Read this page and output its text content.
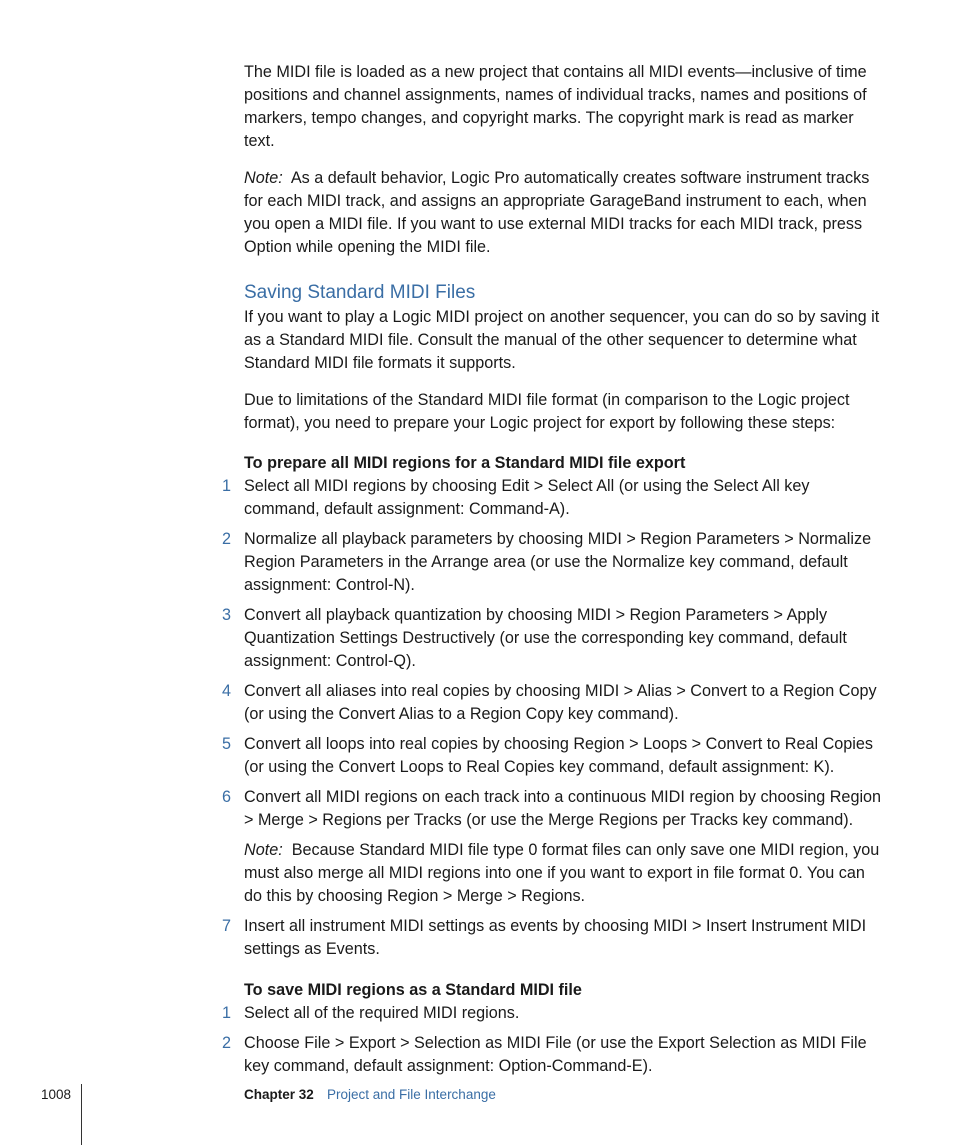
The MIDI file is loaded as a new project that contains all MIDI events—inclusive of time positions and channel assignments, names of individual tracks, names and positions of markers, tempo changes, and copyright marks. The copyright mark is read as marker text.

Note: As a default behavior, Logic Pro automatically creates software instrument tracks for each MIDI track, and assigns an appropriate GarageBand instrument to each, when you open a MIDI file. If you want to use external MIDI tracks for each MIDI track, press Option while opening the MIDI file.

Saving Standard MIDI Files

If you want to play a Logic MIDI project on another sequencer, you can do so by saving it as a Standard MIDI file. Consult the manual of the other sequencer to determine what Standard MIDI file formats it supports.

Due to limitations of the Standard MIDI file format (in comparison to the Logic project format), you need to prepare your Logic project for export by following these steps:

To prepare all MIDI regions for a Standard MIDI file export

1 Select all MIDI regions by choosing Edit > Select All (or using the Select All key command, default assignment: Command-A).
2 Normalize all playback parameters by choosing MIDI > Region Parameters > Normalize Region Parameters in the Arrange area (or use the Normalize key command, default assignment: Control-N).
3 Convert all playback quantization by choosing MIDI > Region Parameters > Apply Quantization Settings Destructively (or use the corresponding key command, default assignment: Control-Q).
4 Convert all aliases into real copies by choosing MIDI > Alias > Convert to a Region Copy (or using the Convert Alias to a Region Copy key command).
5 Convert all loops into real copies by choosing Region > Loops > Convert to Real Copies (or using the Convert Loops to Real Copies key command, default assignment: K).
6 Convert all MIDI regions on each track into a continuous MIDI region by choosing Region > Merge > Regions per Tracks (or use the Merge Regions per Tracks key command).

Note: Because Standard MIDI file type 0 format files can only save one MIDI region, you must also merge all MIDI regions into one if you want to export in file format 0. You can do this by choosing Region > Merge > Regions.

7 Insert all instrument MIDI settings as events by choosing MIDI > Insert Instrument MIDI settings as Events.

To save MIDI regions as a Standard MIDI file

1 Select all of the required MIDI regions.
2 Choose File > Export > Selection as MIDI File (or use the Export Selection as MIDI File key command, default assignment: Option-Command-E).
1008	Chapter 32 Project and File Interchange
